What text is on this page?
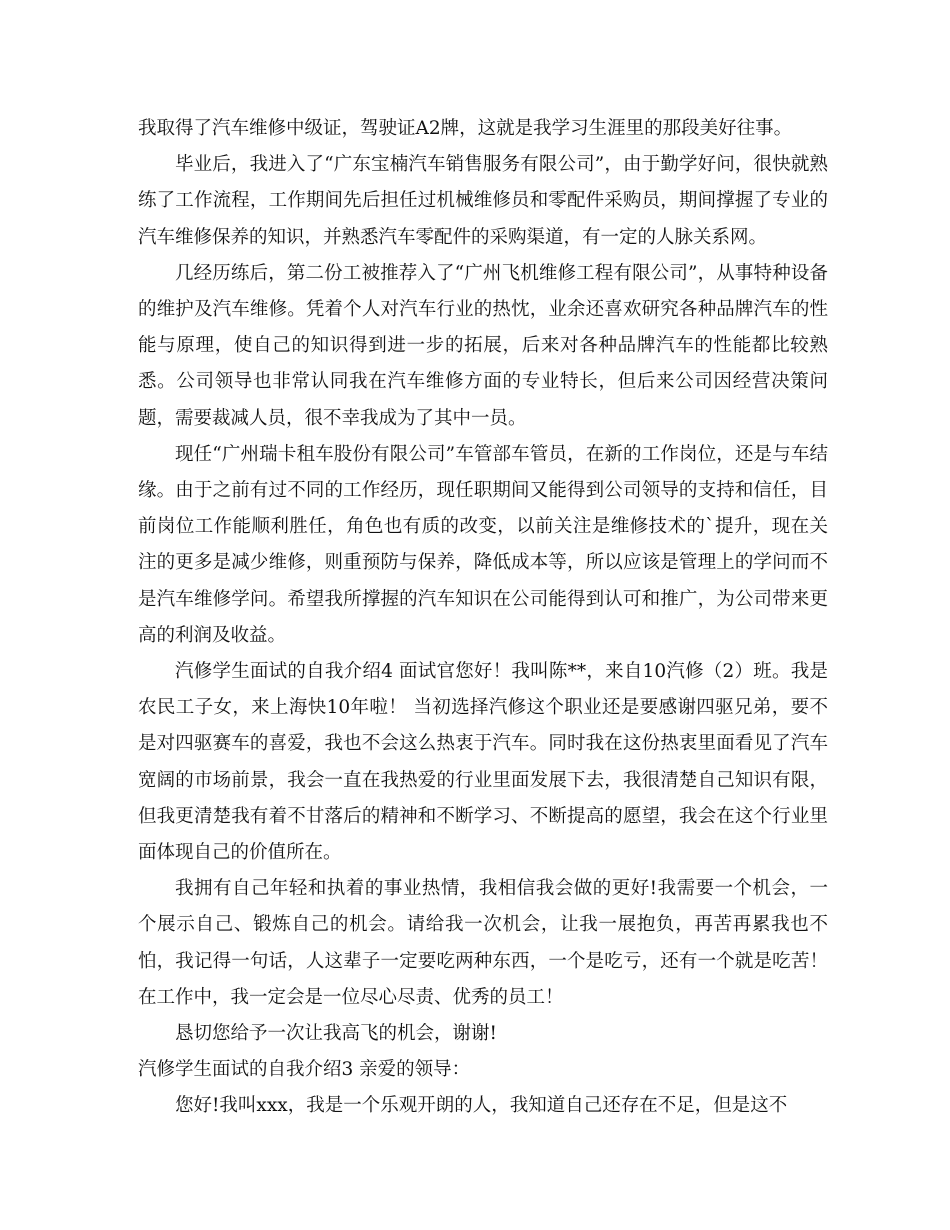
我取得了汽车维修中级证，驾驶证A2牌，这就是我学习生涯里的那段美好往事。

毕业后，我进入了“广东宝楠汽车销售服务有限公司”，由于勤学好问，很快就熟练了工作流程，工作期间先后担任过机械维修员和零配件采购员，期间撑握了专业的汽车维修保养的知识，并熟悉汽车零配件的采购渠道，有一定的人脉关系网。

几经历练后，第二份工被推荐入了“广州飞机维修工程有限公司”，从事特种设备的维护及汽车维修。凭着个人对汽车行业的热忱，业余还喜欢研究各种品牌汽车的性能与原理，使自己的知识得到进一步的拓展，后来对各种品牌汽车的性能都比较熟悉。公司领导也非常认同我在汽车维修方面的专业特长，但后来公司因经营决策问题，需要裁减人员，很不幸我成为了其中一员。

现任“广州瑞卡租车股份有限公司”车管部车管员，在新的工作岗位，还是与车结缘。由于之前有过不同的工作经历，现任职期间又能得到公司领导的支持和信任，目前岗位工作能顺利胜任，角色也有质的改变，以前关注是维修技术的`提升，现在关注的更多是减少维修，则重预防与保养，降低成本等，所以应该是管理上的学问而不是汽车维修学问。希望我所撑握的汽车知识在公司能得到认可和推广，为公司带来更高的利润及收益。

汽修学生面试的自我介绍4 面试官您好！我叫陈**，来自10汽修（2）班。我是农民工子女，来上海快10年啦！ 当初选择汽修这个职业还是要感谢四驱兄弟，要不是对四驱赛车的喜爱，我也不会这么热衷于汽车。同时我在这份热衷里面看见了汽车宽阔的市场前景，我会一直在我热爱的行业里面发展下去，我很清楚自己知识有限，但我更清楚我有着不甘落后的精神和不断学习、不断提高的愿望，我会在这个行业里面体现自己的价值所在。

我拥有自己年轻和执着的事业热情，我相信我会做的更好!我需要一个机会，一个展示自己、锻炼自己的机会。请给我一次机会，让我一展抱负，再苦再累我也不怕，我记得一句话，人这辈子一定要吃两种东西，一个是吃亏，还有一个就是吃苦！在工作中，我一定会是一位尽心尽责、优秀的员工！

恳切您给予一次让我高飞的机会，谢谢!

汽修学生面试的自我介绍3 亲爱的领导：

您好!我叫xxx，我是一个乐观开朗的人，我知道自己还存在不足，但是这不
